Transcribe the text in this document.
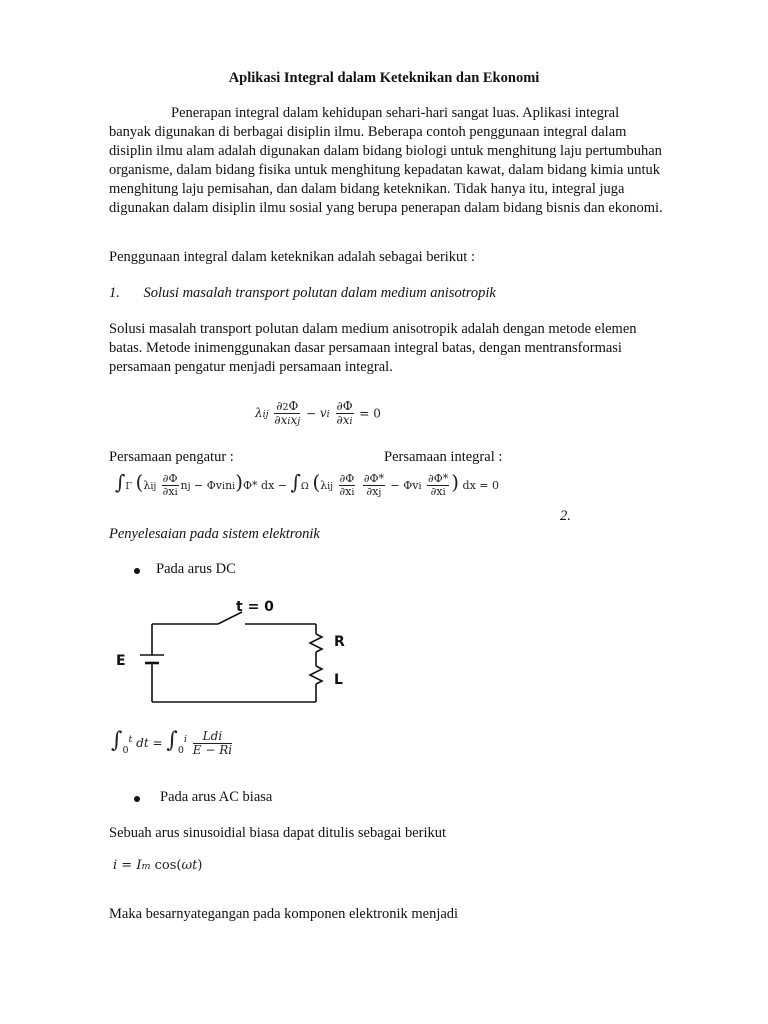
Aplikasi Integral dalam Keteknikan dan Ekonomi
Penerapan integral dalam kehidupan sehari-hari sangat luas. Aplikasi integral banyak digunakan di berbagai disiplin ilmu. Beberapa contoh penggunaan integral dalam disiplin ilmu alam adalah digunakan dalam bidang biologi untuk menghitung laju pertumbuhan organisme, dalam bidang fisika untuk menghitung kepadatan kawat, dalam bidang kimia untuk menghitung laju pemisahan, dan dalam bidang keteknikan. Tidak hanya itu, integral juga digunakan dalam disiplin ilmu sosial yang berupa penerapan dalam bidang bisnis dan ekonomi.
Penggunaan integral dalam keteknikan adalah sebagai berikut :
1. Solusi masalah transport polutan dalam medium anisotropik
Solusi masalah transport polutan dalam medium anisotropik adalah dengan metode elemen batas. Metode inimenggunakan dasar persamaan integral batas, dengan mentransformasi persamaan pengatur menjadi persamaan integral.
λij $\frac{\partial 2\Phi}{\text{∂xixj}}$ − vi $\frac{\partial\Phi}{\partial xi} = 0$
Persamaan pengatur :	Persamaan integral :
∫Γ ($\lambda ij \frac{\partial\Phi}{\partial xi}$ nj − Φvini)Φ* dx − ∫Ω ($\lambda ij \frac{\partial\Phi}{\partial xi}$
$\frac{\partial\Phi*}{\partial xj} - \Phi vi \frac{\partial\Phi*}{\partial xi}$ ) dx = 0
2.
Penyelesaian pada sistem elektronik
Pada arus DC
t = 0
E
R
L
$\int_0^t$ dt = $\int_0^i \frac{\text{Ldi}}{E - Ri}$
Pada arus AC biasa
Sebuah arus sinusoidial biasa dapat ditulis sebagai berikut
i = Im cos(ωt)
Maka besarnyategangan pada komponen elektronik menjadi
